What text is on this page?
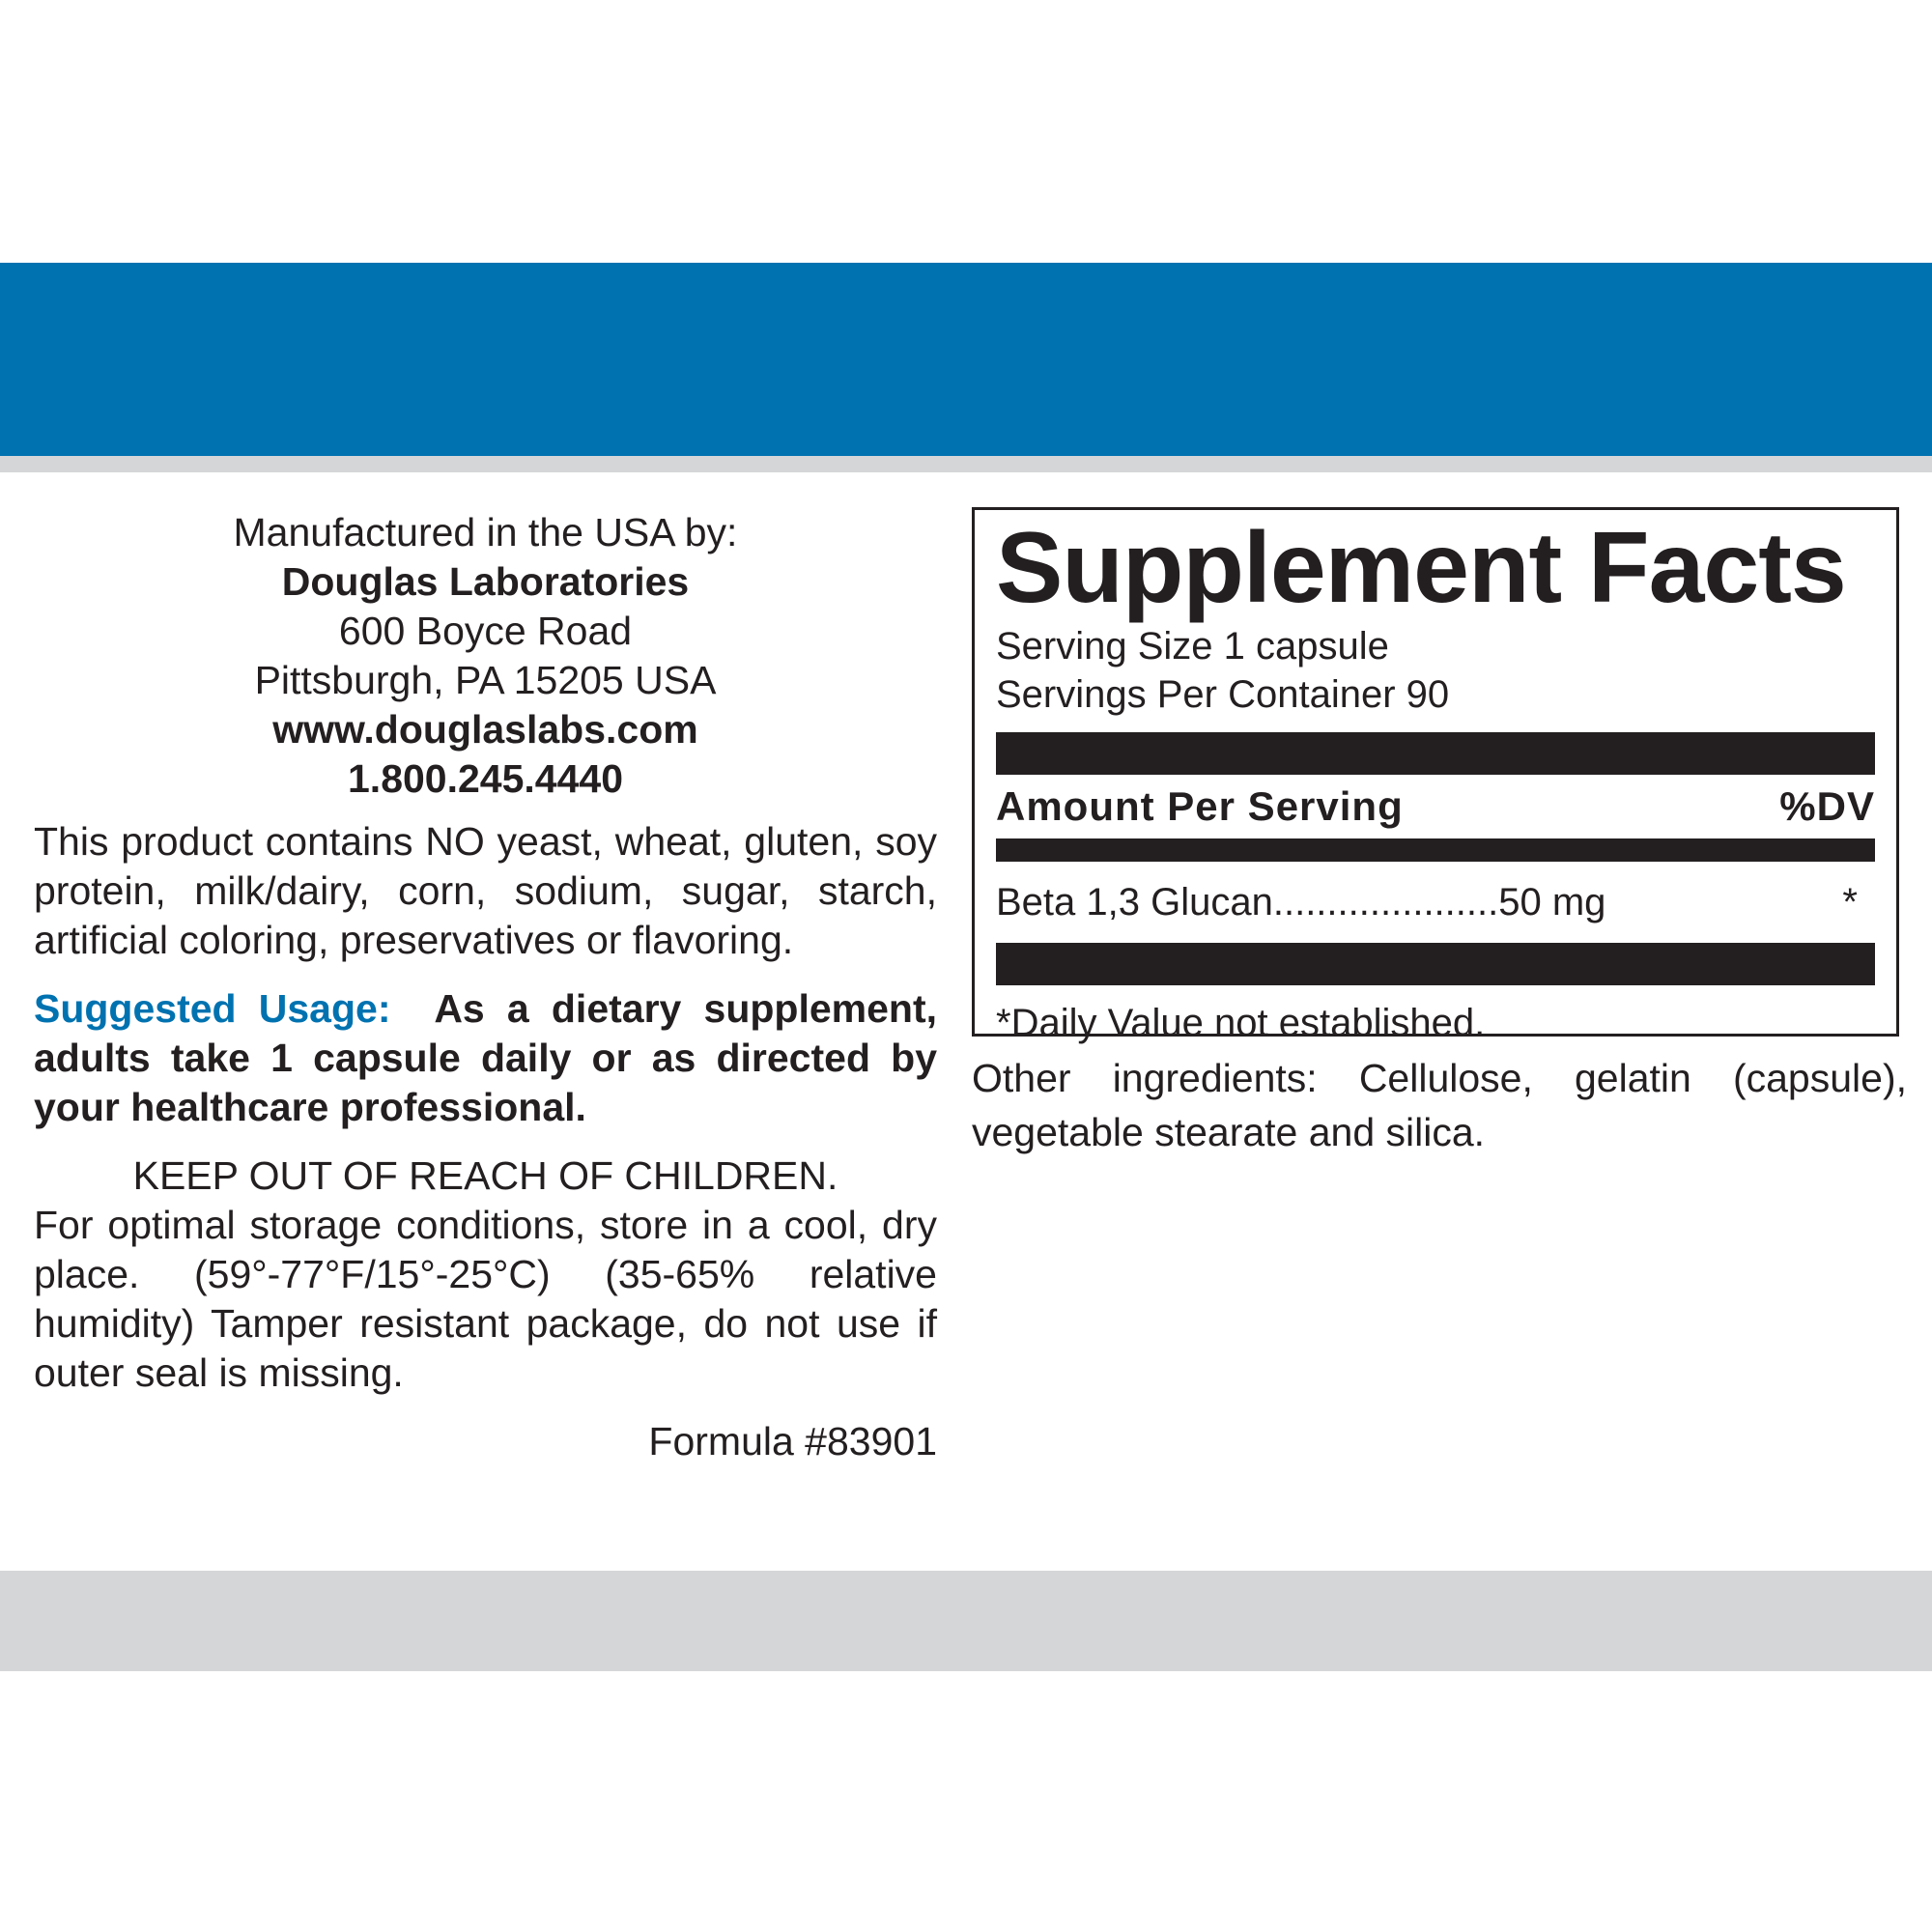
Manufactured in the USA by:
Douglas Laboratories
600 Boyce Road
Pittsburgh, PA 15205 USA
www.douglaslabs.com
1.800.245.4440

This product contains NO yeast, wheat, gluten, soy protein, milk/dairy, corn, sodium, sugar, starch, artificial coloring, preservatives or flavoring.

Suggested Usage: As a dietary supplement, adults take 1 capsule daily or as directed by your healthcare professional.

KEEP OUT OF REACH OF CHILDREN.

For optimal storage conditions, store in a cool, dry place. (59°-77°F/15°-25°C) (35-65% relative humidity) Tamper resistant package, do not use if outer seal is missing.

Formula #83901
Supplement Facts
Serving Size 1 capsule
Servings Per Container 90
Amount Per Serving	%DV
Beta 1,3 Glucan.....................50 mg	*
*Daily Value not established.
Other ingredients: Cellulose, gelatin (capsule), vegetable stearate and silica.
